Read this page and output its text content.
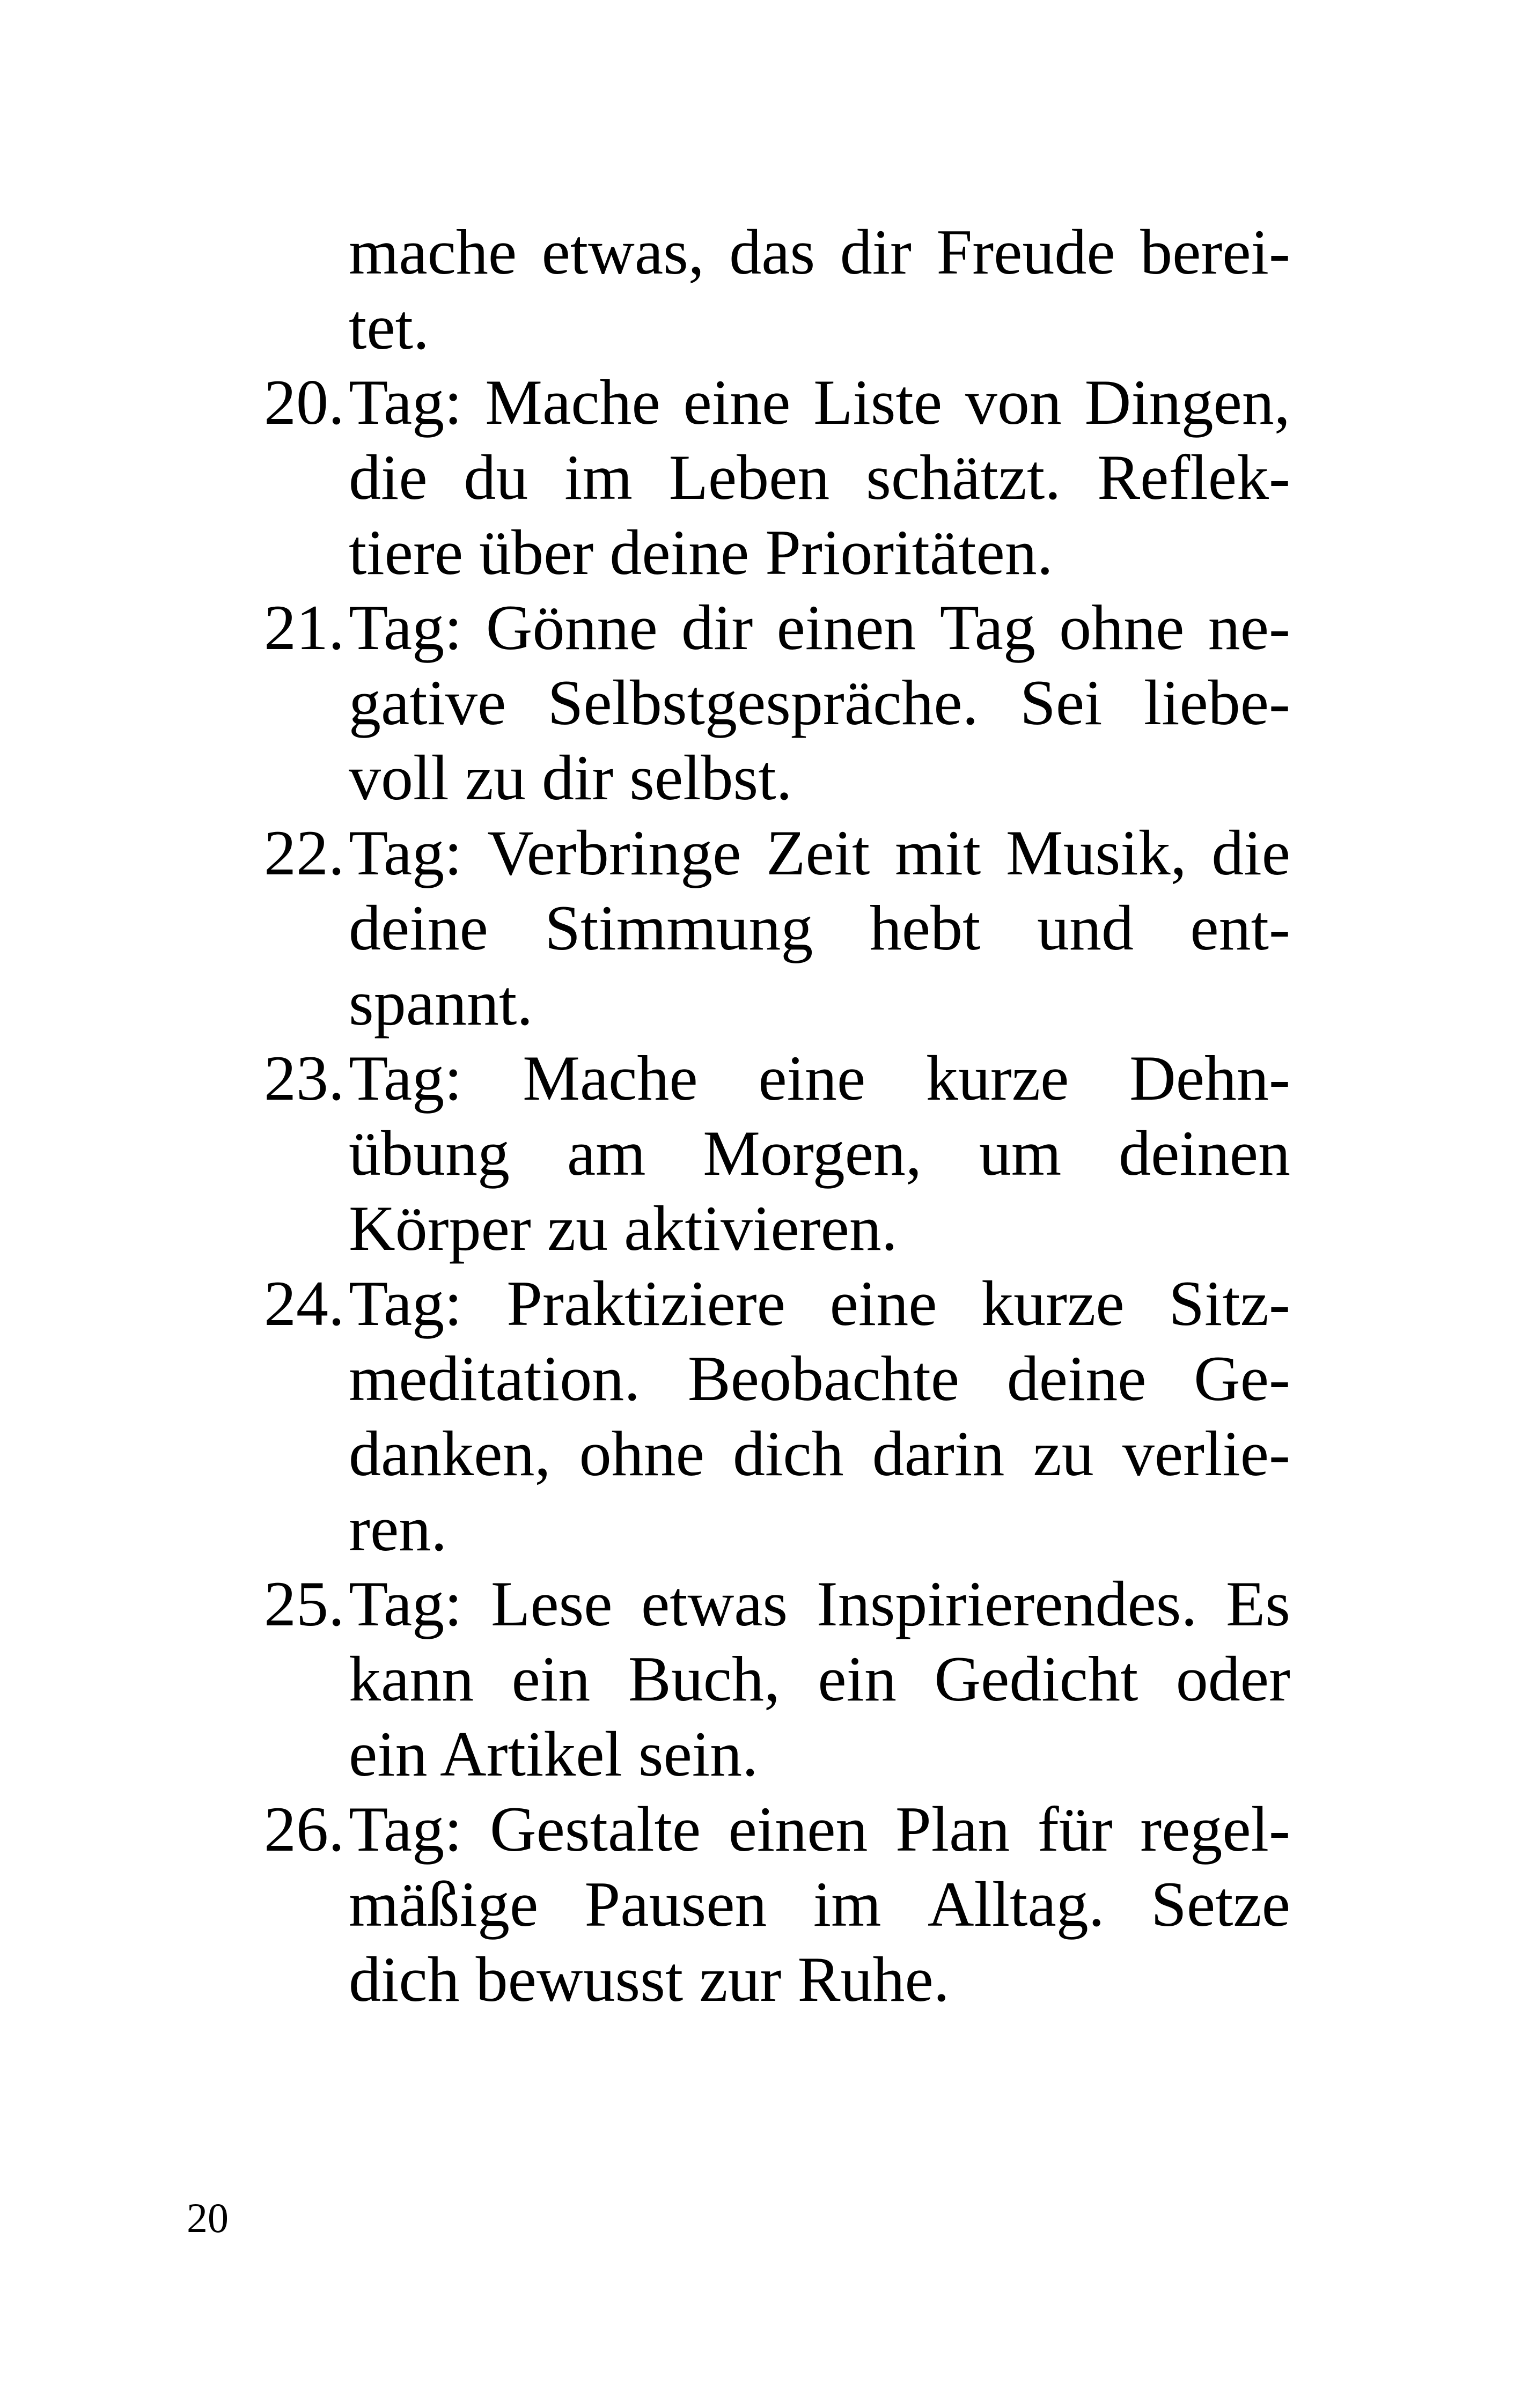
mache etwas, das dir Freude berei-
tet.
20. Tag: Mache eine Liste von Dingen,
die du im Leben schätzt. Reflek-
tiere über deine Prioritäten.
21. Tag: Gönne dir einen Tag ohne ne-
gative Selbstgespräche. Sei liebe-
voll zu dir selbst.
22. Tag: Verbringe Zeit mit Musik, die
deine Stimmung hebt und ent-
spannt.
23. Tag: Mache eine kurze Dehn-
übung am Morgen, um deinen
Körper zu aktivieren.
24. Tag: Praktiziere eine kurze Sitz-
meditation. Beobachte deine Ge-
danken, ohne dich darin zu verlie-
ren.
25. Tag: Lese etwas Inspirierendes. Es
kann ein Buch, ein Gedicht oder
ein Artikel sein.
26. Tag: Gestalte einen Plan für regel-
mäßige Pausen im Alltag. Setze
dich bewusst zur Ruhe.
20
